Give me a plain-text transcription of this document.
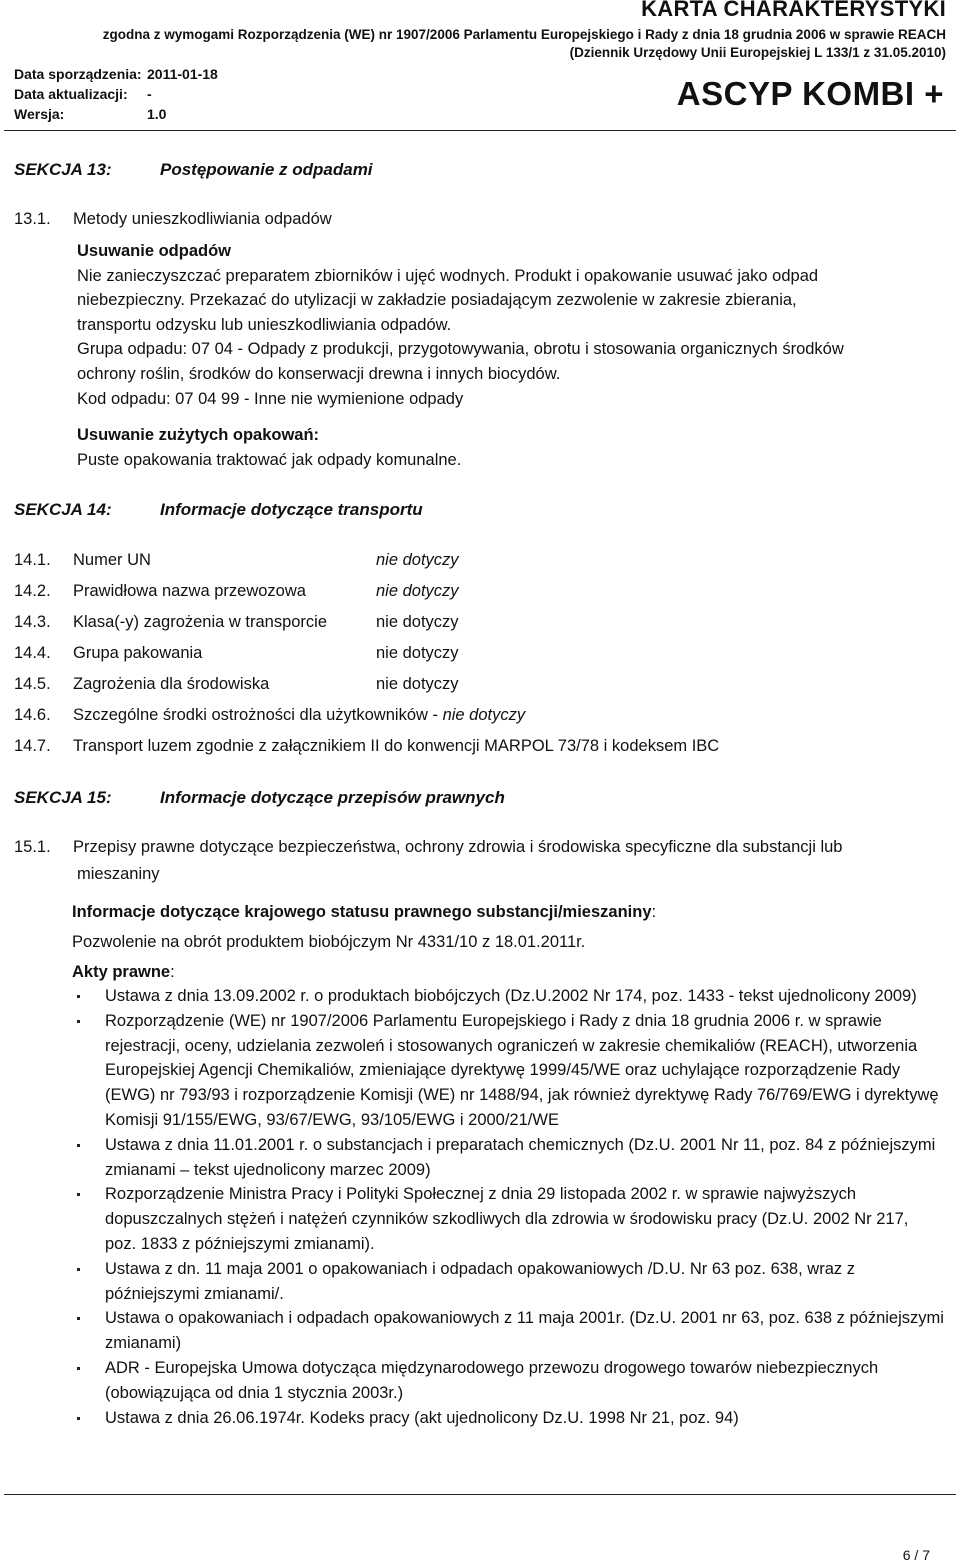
KARTA CHARAKTERYSTYKI
zgodna z wymogami Rozporządzenia (WE) nr 1907/2006 Parlamentu Europejskiego i Rady z dnia 18 grudnia 2006 w sprawie REACH
(Dziennik Urzędowy Unii Europejskiej L 133/1 z 31.05.2010)
Data sporządzenia: 2011-01-18
Data aktualizacji: -
Wersja:	1.0
ASCYP KOMBI +
SEKCJA 13:	Postępowanie z odpadami
13.1. Metody unieszkodliwiania odpadów
Usuwanie odpadów
Nie zanieczyszczać preparatem zbiorników i ujęć wodnych. Produkt i opakowanie usuwać jako odpad
niebezpieczny. Przekazać do utylizacji w zakładzie posiadającym zezwolenie w zakresie zbierania,
transportu odzysku lub unieszkodliwiania odpadów.
Grupa odpadu: 07 04 - Odpady z produkcji, przygotowywania, obrotu i stosowania organicznych środków
ochrony roślin, środków do konserwacji drewna i innych biocydów.
Kod odpadu: 07 04 99 - Inne nie wymienione odpady
Usuwanie zużytych opakowań:
Puste opakowania traktować jak odpady komunalne.
SEKCJA 14:	Informacje dotyczące transportu
14.1. Numer UN	nie dotyczy
14.2. Prawidłowa nazwa przewozowa	nie dotyczy
14.3. Klasa(-y) zagrożenia w transporcie	nie dotyczy
14.4. Grupa pakowania	nie dotyczy
14.5. Zagrożenia dla środowiska	nie dotyczy
14.6. Szczególne środki ostrożności dla użytkowników - nie dotyczy
14.7. Transport luzem zgodnie z załącznikiem II do konwencji MARPOL 73/78 i kodeksem IBC
SEKCJA 15:	Informacje dotyczące przepisów prawnych
15.1. Przepisy prawne dotyczące bezpieczeństwa, ochrony zdrowia i środowiska specyficzne dla substancji lub
mieszaniny
Informacje dotyczące krajowego statusu prawnego substancji/mieszaniny:
Pozwolenie na obrót produktem biobójczym Nr 4331/10 z 18.01.2011r.
Akty prawne:
Ustawa z dnia 13.09.2002 r. o produktach biobójczych (Dz.U.2002 Nr 174, poz. 1433 - tekst ujednolicony 2009)
Rozporządzenie (WE) nr 1907/2006 Parlamentu Europejskiego i Rady z dnia 18 grudnia 2006 r. w sprawie rejestracji, oceny, udzielania zezwoleń i stosowanych ograniczeń w zakresie chemikaliów (REACH), utworzenia Europejskiej Agencji Chemikaliów, zmieniające dyrektywę 1999/45/WE oraz uchylające rozporządzenie Rady (EWG) nr 793/93 i rozporządzenie Komisji (WE) nr 1488/94, jak również dyrektywę Rady 76/769/EWG i dyrektywę Komisji 91/155/EWG, 93/67/EWG, 93/105/EWG i 2000/21/WE
Ustawa z dnia 11.01.2001 r. o substancjach i preparatach chemicznych (Dz.U. 2001 Nr 11, poz. 84 z późniejszymi zmianami – tekst ujednolicony marzec 2009)
Rozporządzenie Ministra Pracy i Polityki Społecznej z dnia 29 listopada 2002 r. w sprawie najwyższych dopuszczalnych stężeń i natężeń czynników szkodliwych dla zdrowia w środowisku pracy (Dz.U. 2002 Nr 217, poz. 1833 z późniejszymi zmianami).
Ustawa z dn. 11 maja 2001 o opakowaniach i odpadach opakowaniowych /D.U. Nr 63 poz. 638, wraz z późniejszymi zmianami/.
Ustawa o opakowaniach i odpadach opakowaniowych z 11 maja 2001r. (Dz.U. 2001 nr 63, poz. 638 z późniejszymi zmianami)
ADR - Europejska Umowa dotycząca międzynarodowego przewozu drogowego towarów niebezpiecznych (obowiązująca od dnia 1 stycznia 2003r.)
Ustawa z dnia 26.06.1974r. Kodeks pracy (akt ujednolicony Dz.U. 1998 Nr 21, poz. 94)
6 / 7
